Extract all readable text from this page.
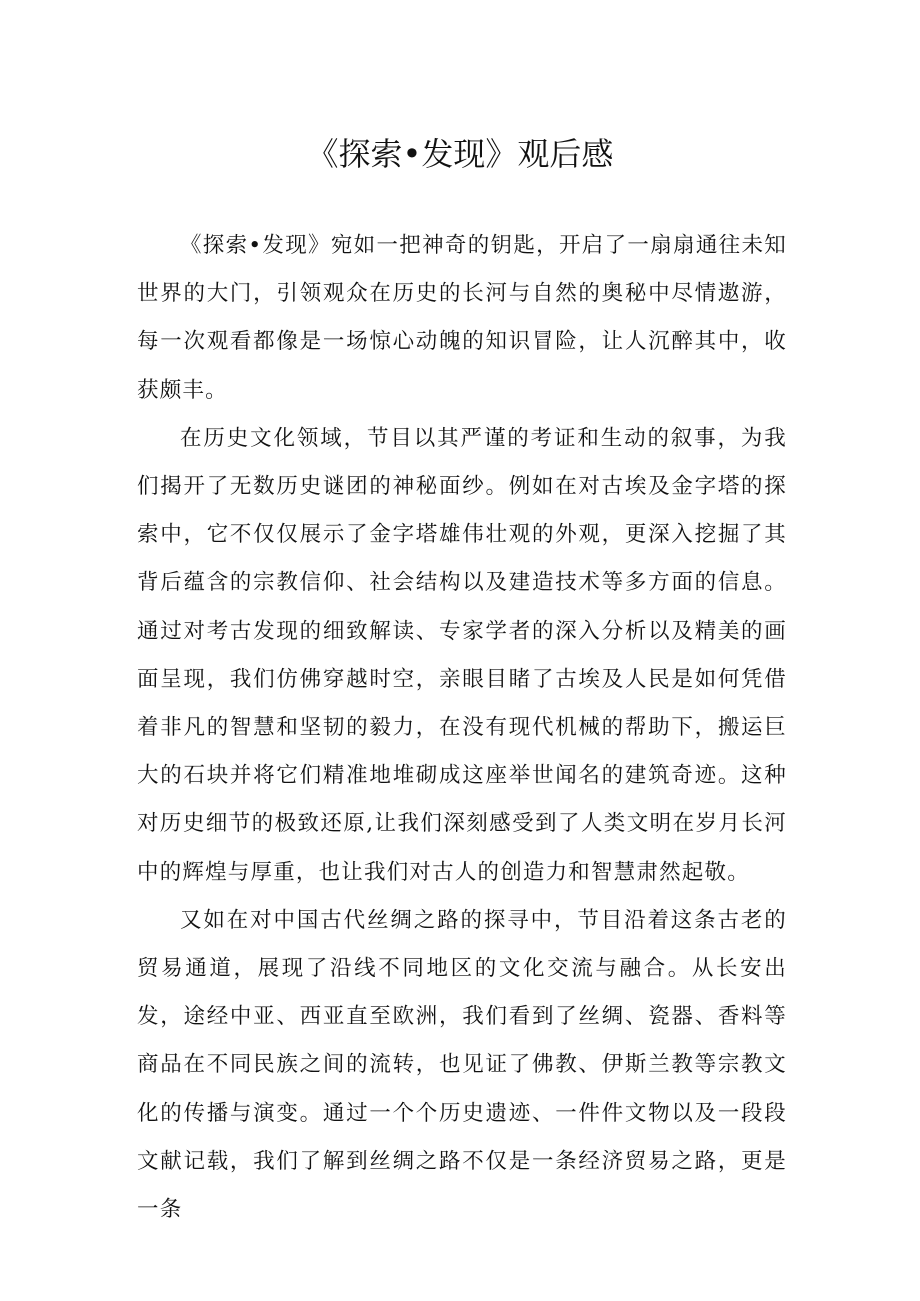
《探索•发现》观后感

《探索•发现》宛如一把神奇的钥匙，开启了一扇扇通往未知世界的大门，引领观众在历史的长河与自然的奥秘中尽情遨游，每一次观看都像是一场惊心动魄的知识冒险，让人沉醉其中，收获颇丰。

在历史文化领域，节目以其严谨的考证和生动的叙事，为我们揭开了无数历史谜团的神秘面纱。例如在对古埃及金字塔的探索中，它不仅仅展示了金字塔雄伟壮观的外观，更深入挖掘了其背后蕴含的宗教信仰、社会结构以及建造技术等多方面的信息。通过对考古发现的细致解读、专家学者的深入分析以及精美的画面呈现，我们仿佛穿越时空，亲眼目睹了古埃及人民是如何凭借着非凡的智慧和坚韧的毅力，在没有现代机械的帮助下，搬运巨大的石块并将它们精准地堆砌成这座举世闻名的建筑奇迹。这种对历史细节的极致还原,让我们深刻感受到了人类文明在岁月长河中的辉煌与厚重，也让我们对古人的创造力和智慧肃然起敬。

又如在对中国古代丝绸之路的探寻中，节目沿着这条古老的贸易通道，展现了沿线不同地区的文化交流与融合。从长安出发，途经中亚、西亚直至欧洲，我们看到了丝绸、瓷器、香料等商品在不同民族之间的流转，也见证了佛教、伊斯兰教等宗教文化的传播与演变。通过一个个历史遗迹、一件件文物以及一段段文献记载，我们了解到丝绸之路不仅是一条经济贸易之路，更是一条
